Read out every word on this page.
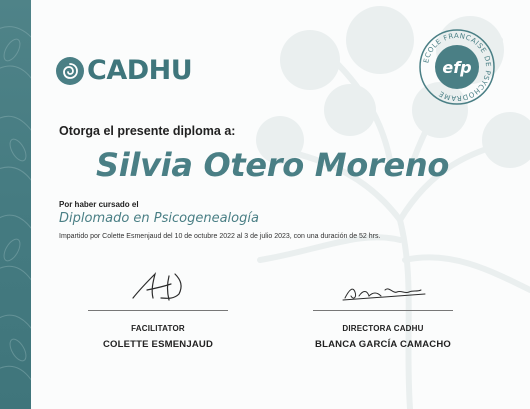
CADHU	ECOLE FRANCAISE DE PSYCHODRAME
efp
Otorga el presente diploma a:
Silvia Otero Moreno
Por haber cursado el
Diplomado en Psicogenealogía
Impartido por Colette Esmenjaud del 10 de octubre 2022 al 3 de julio 2023, con una duración de 52 hrs.
FACILITATOR
COLETTE ESMENJAUD
DIRECTORA CADHU
BLANCA GARCÍA CAMACHO
